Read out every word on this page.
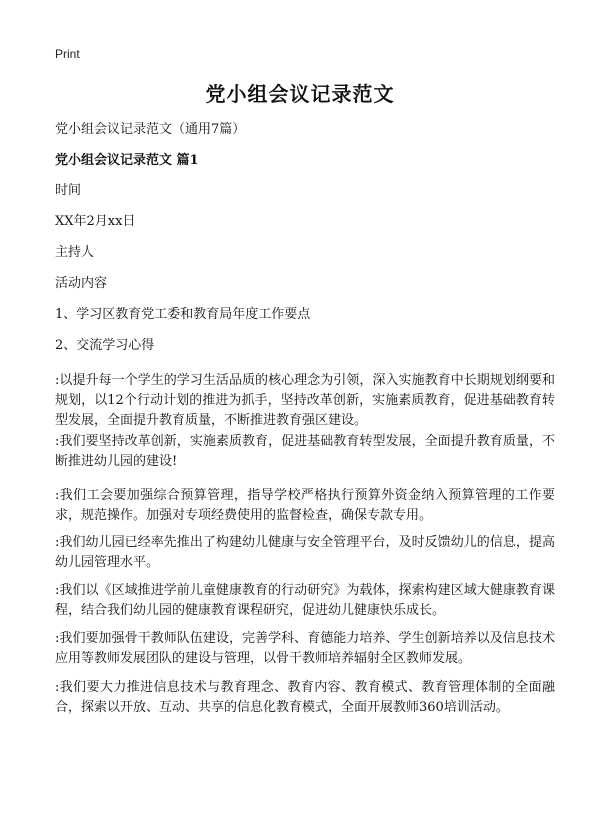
Print
党小组会议记录范文
党小组会议记录范文（通用7篇）
党小组会议记录范文 篇1
时间
XX年2月xx日
主持人
活动内容
1、学习区教育党工委和教育局年度工作要点
2、交流学习心得
:以提升每一个学生的学习生活品质的核心理念为引领，深入实施教育中长期规划纲要和规划，以12个行动计划的推进为抓手，坚持改革创新，实施素质教育，促进基础教育转型发展，全面提升教育质量，不断推进教育强区建设。
:我们要坚持改革创新，实施素质教育，促进基础教育转型发展，全面提升教育质量，不断推进幼儿园的建设!
:我们工会要加强综合预算管理，指导学校严格执行预算外资金纳入预算管理的工作要求，规范操作。加强对专项经费使用的监督检查，确保专款专用。
:我们幼儿园已经率先推出了构建幼儿健康与安全管理平台，及时反馈幼儿的信息，提高幼儿园管理水平。
:我们以《区域推进学前儿童健康教育的行动研究》为载体，探索构建区域大健康教育课程，结合我们幼儿园的健康教育课程研究，促进幼儿健康快乐成长。
:我们要加强骨干教师队伍建设，完善学科、育德能力培养、学生创新培养以及信息技术应用等教师发展团队的建设与管理，以骨干教师培养辐射全区教师发展。
:我们要大力推进信息技术与教育理念、教育内容、教育模式、教育管理体制的全面融合，探索以开放、互动、共享的信息化教育模式，全面开展教师360培训活动。
